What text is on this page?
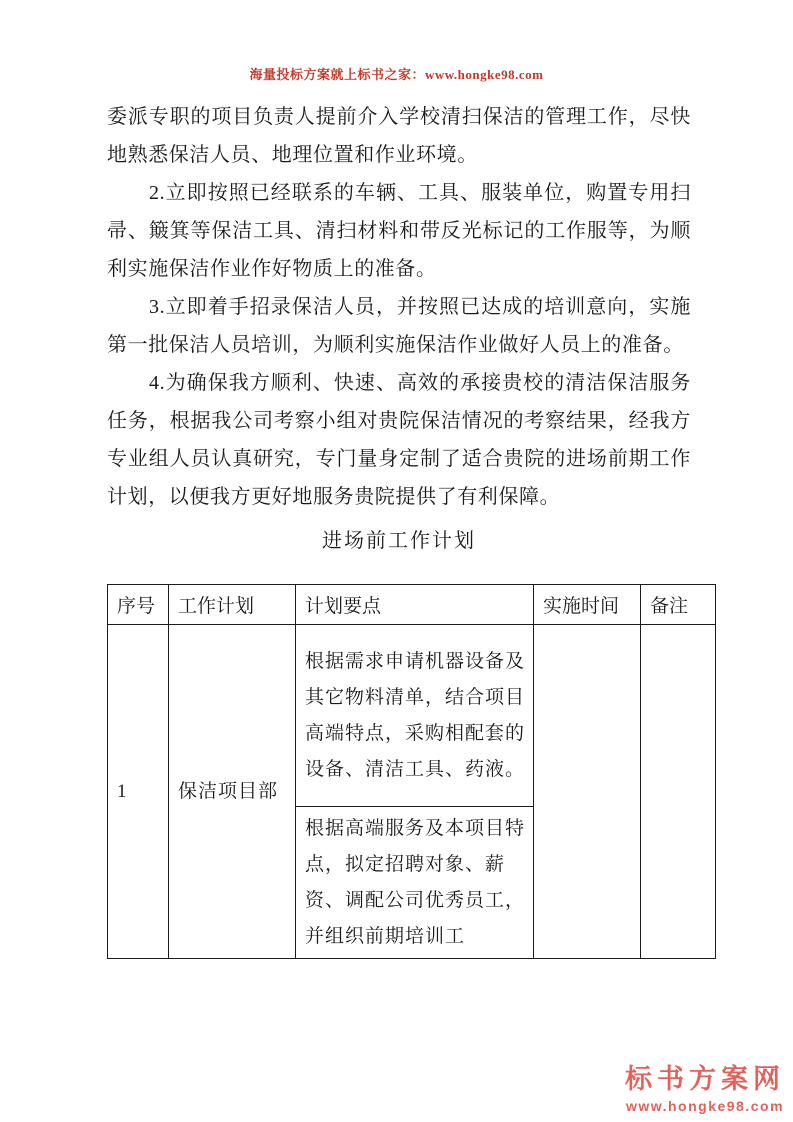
海量投标方案就上标书之家：www.hongke98.com

委派专职的项目负责人提前介入学校清扫保洁的管理工作，尽快地熟悉保洁人员、地理位置和作业环境。

2.立即按照已经联系的车辆、工具、服装单位，购置专用扫帚、簸箕等保洁工具、清扫材料和带反光标记的工作服等，为顺利实施保洁作业作好物质上的准备。

3.立即着手招录保洁人员，并按照已达成的培训意向，实施第一批保洁人员培训，为顺利实施保洁作业做好人员上的准备。

4.为确保我方顺利、快速、高效的承接贵校的清洁保洁服务任务，根据我公司考察小组对贵院保洁情况的考察结果，经我方专业组人员认真研究，专门量身定制了适合贵院的进场前期工作计划，以便我方更好地服务贵院提供了有利保障。

进场前工作计划
序号	工作计划	计划要点	实施时间	备注
1	保洁项目部	根据需求申请机器设备及其它物料清单，结合项目高端特点，采购相配套的设备、清洁工具、药液。		
		根据高端服务及本项目特点，拟定招聘对象、薪资、调配公司优秀员工，并组织前期培训工		
标书方案网
www.hongke98.com
